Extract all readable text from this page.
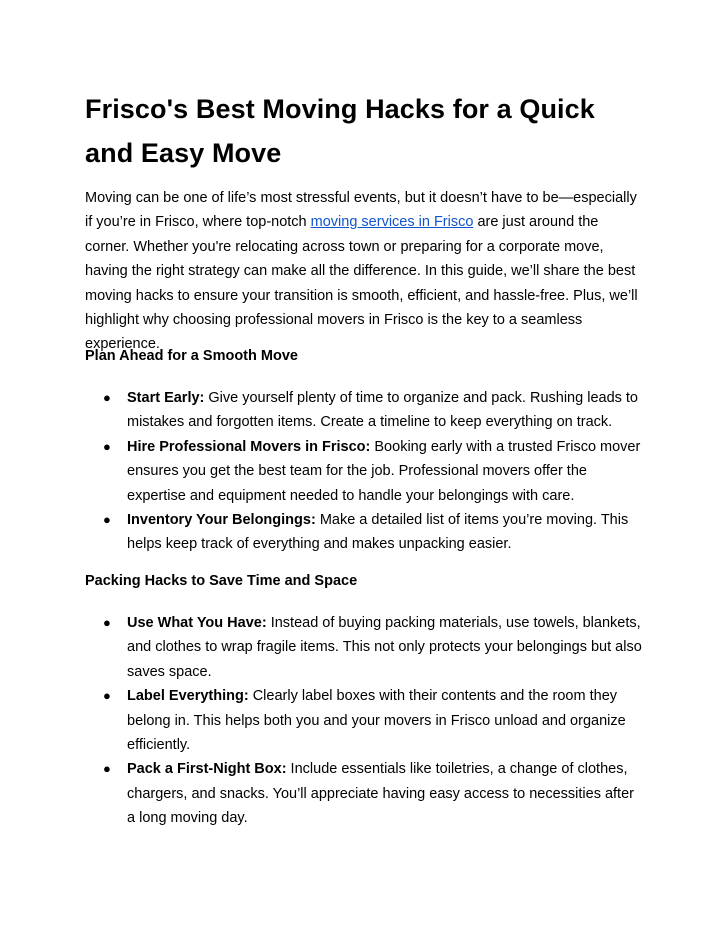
Frisco's Best Moving Hacks for a Quick and Easy Move

Moving can be one of life’s most stressful events, but it doesn’t have to be—especially if you’re in Frisco, where top-notch moving services in Frisco are just around the corner. Whether you're relocating across town or preparing for a corporate move, having the right strategy can make all the difference. In this guide, we’ll share the best moving hacks to ensure your transition is smooth, efficient, and hassle-free. Plus, we’ll highlight why choosing professional movers in Frisco is the key to a seamless experience.

Plan Ahead for a Smooth Move
● Start Early: Give yourself plenty of time to organize and pack. Rushing leads to mistakes and forgotten items. Create a timeline to keep everything on track.
● Hire Professional Movers in Frisco: Booking early with a trusted Frisco mover ensures you get the best team for the job. Professional movers offer the expertise and equipment needed to handle your belongings with care.
● Inventory Your Belongings: Make a detailed list of items you’re moving. This helps keep track of everything and makes unpacking easier.
Packing Hacks to Save Time and Space
● Use What You Have: Instead of buying packing materials, use towels, blankets, and clothes to wrap fragile items. This not only protects your belongings but also saves space.
● Label Everything: Clearly label boxes with their contents and the room they belong in. This helps both you and your movers in Frisco unload and organize efficiently.
● Pack a First-Night Box: Include essentials like toiletries, a change of clothes, chargers, and snacks. You’ll appreciate having easy access to necessities after a long moving day.
